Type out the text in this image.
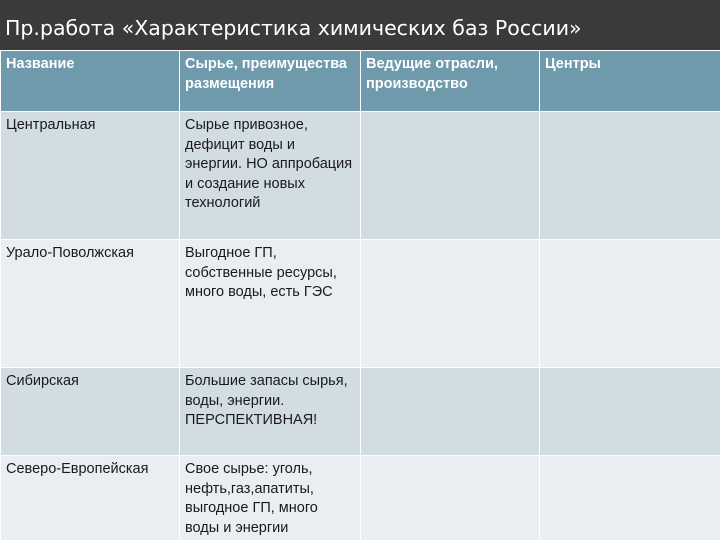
Пр.работа «Характеристика химических баз России»
Название	Сырье, преимущества размещения	Ведущие отрасли, производство	Центры
Центральная	Сырье привозное, дефицит воды и энергии. НО аппробация и создание новых технологий		
Урало-Поволжская	Выгодное ГП, собственные ресурсы, много воды, есть ГЭС		
Сибирская	Большие запасы сырья, воды, энергии. ПЕРСПЕКТИВНАЯ!		
Северо-Европейская	Свое сырье: уголь, нефть,газ,апатиты, выгодное ГП, много воды и энергии		
